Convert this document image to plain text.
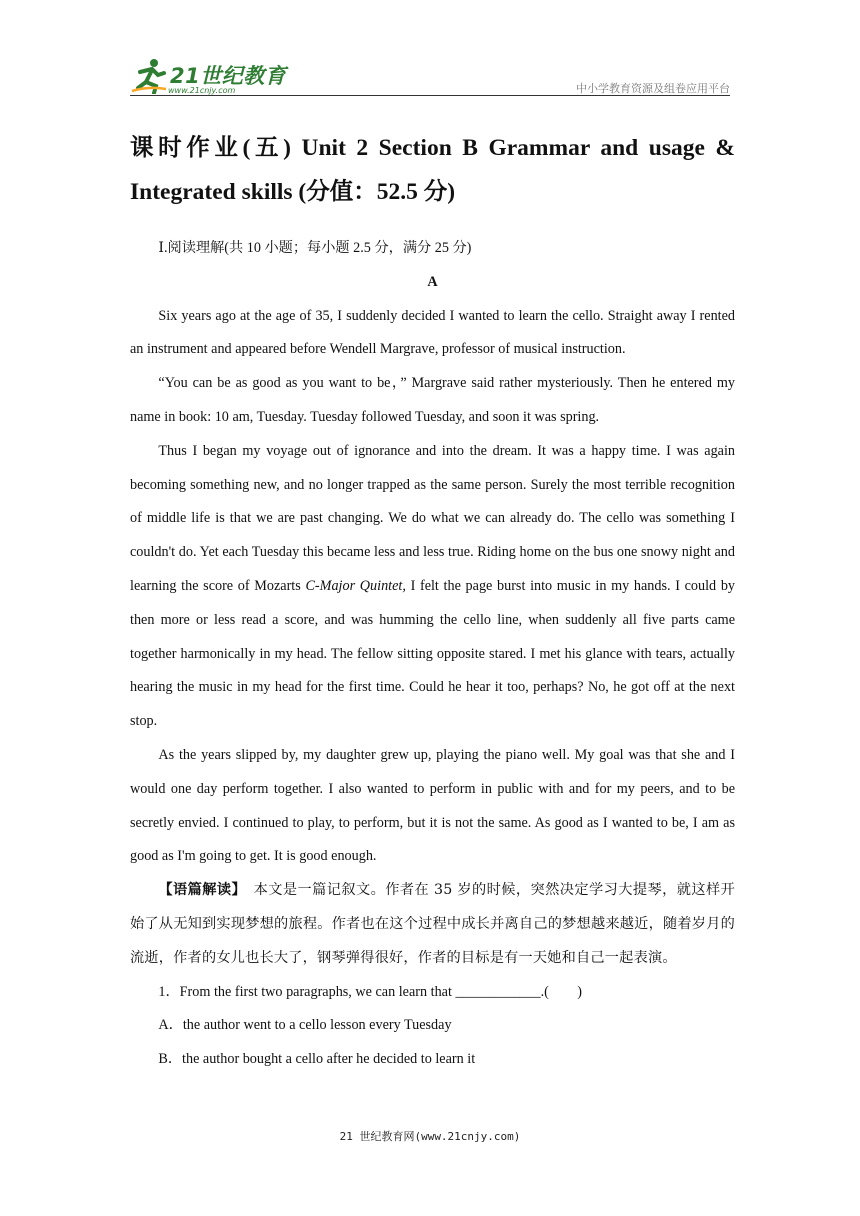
21世纪教育
www.21cnjy.com	中小学教育资源及组卷应用平台
课时作业(五) Unit 2 Section B Grammar and usage & Integrated skills (分值：52.5 分)

Ⅰ.阅读理解(共 10 小题；每小题 2.5 分，满分 25 分)

A

Six years ago at the age of 35, I suddenly decided I wanted to learn the cello. Straight away I rented an instrument and appeared before Wendell Margrave, professor of musical instruction.

“You can be as good as you want to be，” Margrave said rather mysteriously. Then he entered my name in book: 10 am, Tuesday. Tuesday followed Tuesday, and soon it was spring.

Thus I began my voyage out of ignorance and into the dream. It was a happy time. I was again becoming something new, and no longer trapped as the same person. Surely the most terrible recognition of middle life is that we are past changing. We do what we can already do. The cello was something I couldn't do. Yet each Tuesday this became less and less true. Riding home on the bus one snowy night and learning the score of Mozarts C-Major Quintet, I felt the page burst into music in my hands. I could by then more or less read a score, and was humming the cello line, when suddenly all five parts came together harmonically in my head. The fellow sitting opposite stared. I met his glance with tears, actually hearing the music in my head for the first time. Could he hear it too, perhaps? No, he got off at the next stop.

As the years slipped by, my daughter grew up, playing the piano well. My goal was that she and I would one day perform together. I also wanted to perform in public with and for my peers, and to be secretly envied. I continued to play, to perform, but it is not the same. As good as I wanted to be, I am as good as I'm going to get. It is good enough.

【语篇解读】　本文是一篇记叙文。作者在 35 岁的时候，突然决定学习大提琴，就这样开始了从无知到实现梦想的旅程。作者也在这个过程中成长并离自己的梦想越来越近，随着岁月的流逝，作者的女儿也长大了，钢琴弹得很好，作者的目标是有一天她和自己一起表演。

1．From the first two paragraphs, we can learn that ____________.(　　)

A．the author went to a cello lesson every Tuesday

B．the author bought a cello after he decided to learn it

21 世纪教育网(www.21cnjy.com)
